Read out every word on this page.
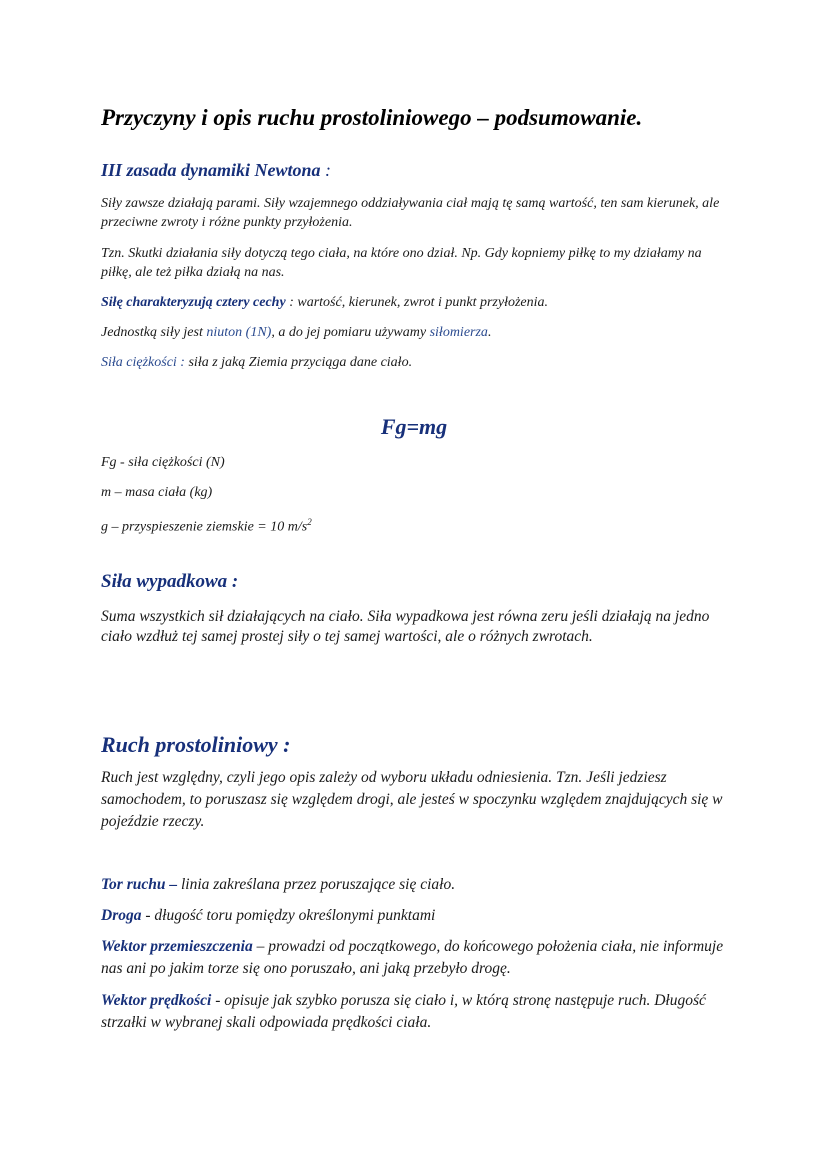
Przyczyny i opis ruchu prostoliniowego – podsumowanie.
III zasada dynamiki Newtona :
Siły zawsze działają parami. Siły wzajemnego oddziaływania ciał mają tę samą wartość, ten sam kierunek, ale przeciwne zwroty i różne punkty przyłożenia.
Tzn. Skutki działania siły dotyczą tego ciała, na które ono dział. Np. Gdy kopniemy piłkę to my działamy na piłkę, ale też piłka działą na nas.
Siłę charakteryzują cztery cechy : wartość, kierunek, zwrot i punkt przyłożenia.
Jednostką siły jest niuton (1N), a do jej pomiaru używamy siłomierza.
Siła ciężkości : siła z jaką Ziemia przyciąga dane ciało.
Fg=mg
Fg - siła ciężkości (N)
m – masa ciała (kg)
g – przyspieszenie ziemskie = 10 $m/s^2$
Siła wypadkowa :
Suma wszystkich sił działających na ciało. Siła wypadkowa jest równa zeru jeśli działają na jedno ciało wzdłuż tej samej prostej siły o tej samej wartości, ale o różnych zwrotach.
Ruch prostoliniowy :
Ruch jest względny, czyli jego opis zależy od wyboru układu odniesienia. Tzn. Jeśli jedziesz samochodem, to poruszasz się względem drogi, ale jesteś w spoczynku względem znajdujących się w pojeździe rzeczy.
Tor ruchu – linia zakreślana przez poruszające się ciało.
Droga - długość toru pomiędzy określonymi punktami
Wektor przemieszczenia – prowadzi od początkowego, do końcowego położenia ciała, nie informuje nas ani po jakim torze się ono poruszało, ani jaką przebyło drogę.
Wektor prędkości - opisuje jak szybko porusza się ciało i, w którą stronę następuje ruch. Długość strzałki w wybranej skali odpowiada prędkości ciała.
